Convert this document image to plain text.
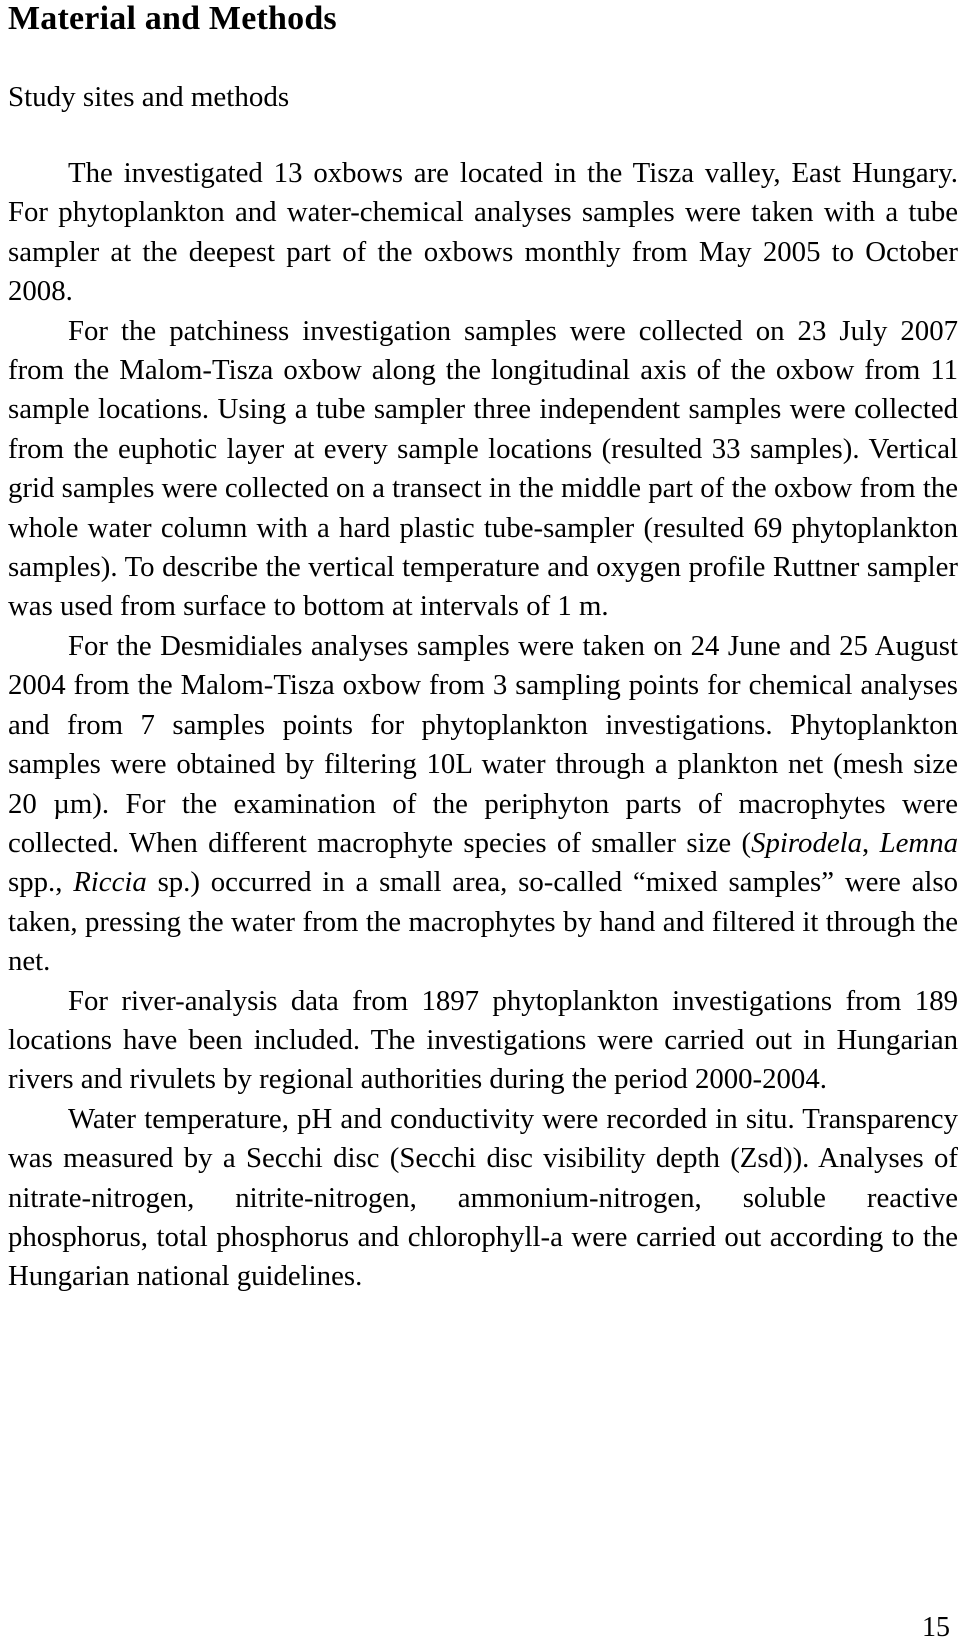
Material and Methods
Study sites and methods

The investigated 13 oxbows are located in the Tisza valley, East Hungary. For phytoplankton and water-chemical analyses samples were taken with a tube sampler at the deepest part of the oxbows monthly from May 2005 to October 2008.

For the patchiness investigation samples were collected on 23 July 2007 from the Malom-Tisza oxbow along the longitudinal axis of the oxbow from 11 sample locations. Using a tube sampler three independent samples were collected from the euphotic layer at every sample locations (resulted 33 samples). Vertical grid samples were collected on a transect in the middle part of the oxbow from the whole water column with a hard plastic tube-sampler (resulted 69 phytoplankton samples). To describe the vertical temperature and oxygen profile Ruttner sampler was used from surface to bottom at intervals of 1 m.

For the Desmidiales analyses samples were taken on 24 June and 25 August 2004 from the Malom-Tisza oxbow from 3 sampling points for chemical analyses and from 7 samples points for phytoplankton investigations. Phytoplankton samples were obtained by filtering 10L water through a plankton net (mesh size 20 µm). For the examination of the periphyton parts of macrophytes were collected. When different macrophyte species of smaller size (Spirodela, Lemna spp., Riccia sp.) occurred in a small area, so-called “mixed samples” were also taken, pressing the water from the macrophytes by hand and filtered it through the net.

For river-analysis data from 1897 phytoplankton investigations from 189 locations have been included. The investigations were carried out in Hungarian rivers and rivulets by regional authorities during the period 2000-2004.

Water temperature, pH and conductivity were recorded in situ. Transparency was measured by a Secchi disc (Secchi disc visibility depth (Zsd)). Analyses of nitrate-nitrogen, nitrite-nitrogen, ammonium-nitrogen, soluble reactive phosphorus, total phosphorus and chlorophyll-a were carried out according to the Hungarian national guidelines.

15
